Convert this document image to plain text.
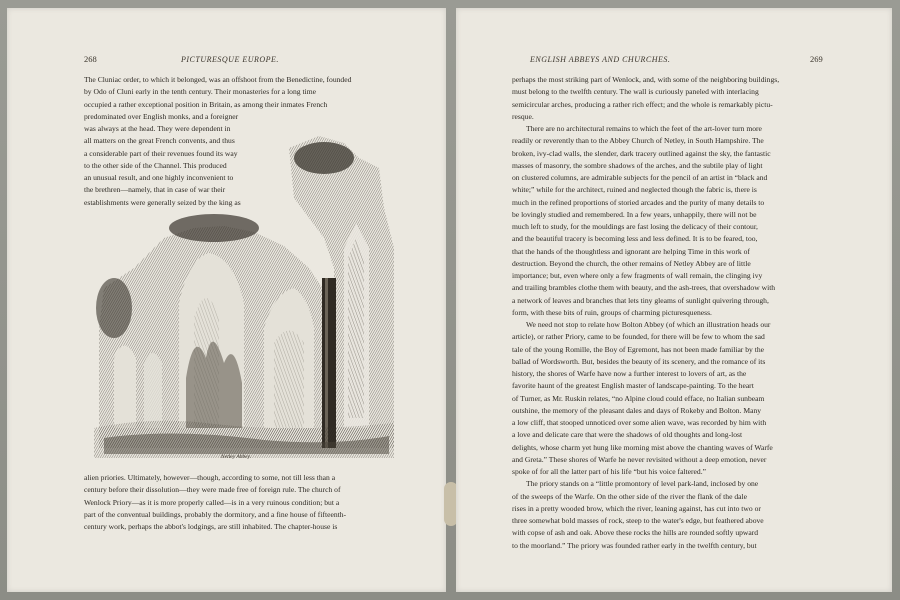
268	PICTURESQUE EUROPE.
The Cluniac order, to which it belonged, was an offshoot from the Benedictine, founded
by Odo of Cluni early in the tenth century. Their monasteries for a long time
occupied a rather exceptional position in Britain, as among their inmates French
predominated over English monks, and a foreigner
was always at the head. They were dependent in
all matters on the great French convents, and thus
a considerable part of their revenues found its way
to the other side of the Channel. This produced
an unusual result, and one highly inconvenient to
the brethren—namely, that in case of war their
establishments were generally seized by the king as
Netley Abbey.
alien priories. Ultimately, however—though, according to some, not till less than a
century before their dissolution—they were made free of foreign rule. The church of
Wenlock Priory—as it is more properly called—is in a very ruinous condition; but a
part of the conventual buildings, probably the dormitory, and a fine house of fifteenth-
century work, perhaps the abbot's lodgings, are still inhabited. The chapter-house is
ENGLISH ABBEYS AND CHURCHES.	269
perhaps the most striking part of Wenlock, and, with some of the neighboring buildings,
must belong to the twelfth century. The wall is curiously paneled with interlacing
semicircular arches, producing a rather rich effect; and the whole is remarkably pictu-
resque.
There are no architectural remains to which the feet of the art-lover turn more
readily or reverently than to the Abbey Church of Netley, in South Hampshire. The
broken, ivy-clad walls, the slender, dark tracery outlined against the sky, the fantastic
masses of masonry, the sombre shadows of the arches, and the subtile play of light
on clustered columns, are admirable subjects for the pencil of an artist in “black and
white;” while for the architect, ruined and neglected though the fabric is, there is
much in the refined proportions of storied arcades and the purity of many details to
be lovingly studied and remembered. In a few years, unhappily, there will not be
much left to study, for the mouldings are fast losing the delicacy of their contour,
and the beautiful tracery is becoming less and less defined. It is to be feared, too,
that the hands of the thoughtless and ignorant are helping Time in this work of
destruction. Beyond the church, the other remains of Netley Abbey are of little
importance; but, even where only a few fragments of wall remain, the clinging ivy
and trailing brambles clothe them with beauty, and the ash-trees, that overshadow with
a network of leaves and branches that lets tiny gleams of sunlight quivering through,
form, with these bits of ruin, groups of charming picturesqueness.
We need not stop to relate how Bolton Abbey (of which an illustration heads our
article), or rather Priory, came to be founded, for there will be few to whom the sad
tale of the young Romille, the Boy of Egremont, has not been made familiar by the
ballad of Wordsworth. But, besides the beauty of its scenery, and the romance of its
history, the shores of Warfe have now a further interest to lovers of art, as the
favorite haunt of the greatest English master of landscape-painting. To the heart
of Turner, as Mr. Ruskin relates, “no Alpine cloud could efface, no Italian sunbeam
outshine, the memory of the pleasant dales and days of Rokeby and Bolton. Many
a low cliff, that stooped unnoticed over some alien wave, was recorded by him with
a love and delicate care that were the shadows of old thoughts and long-lost
delights, whose charm yet hung like morning mist above the chanting waves of Warfe
and Greta.” These shores of Warfe he never revisited without a deep emotion, never
spoke of for all the latter part of his life “but his voice faltered.”
The priory stands on a “little promontory of level park-land, inclosed by one
of the sweeps of the Warfe. On the other side of the river the flank of the dale
rises in a pretty wooded brow, which the river, leaning against, has cut into two or
three somewhat bold masses of rock, steep to the water's edge, but feathered above
with copse of ash and oak. Above these rocks the hills are rounded softly upward
to the moorland.” The priory was founded rather early in the twelfth century, but
